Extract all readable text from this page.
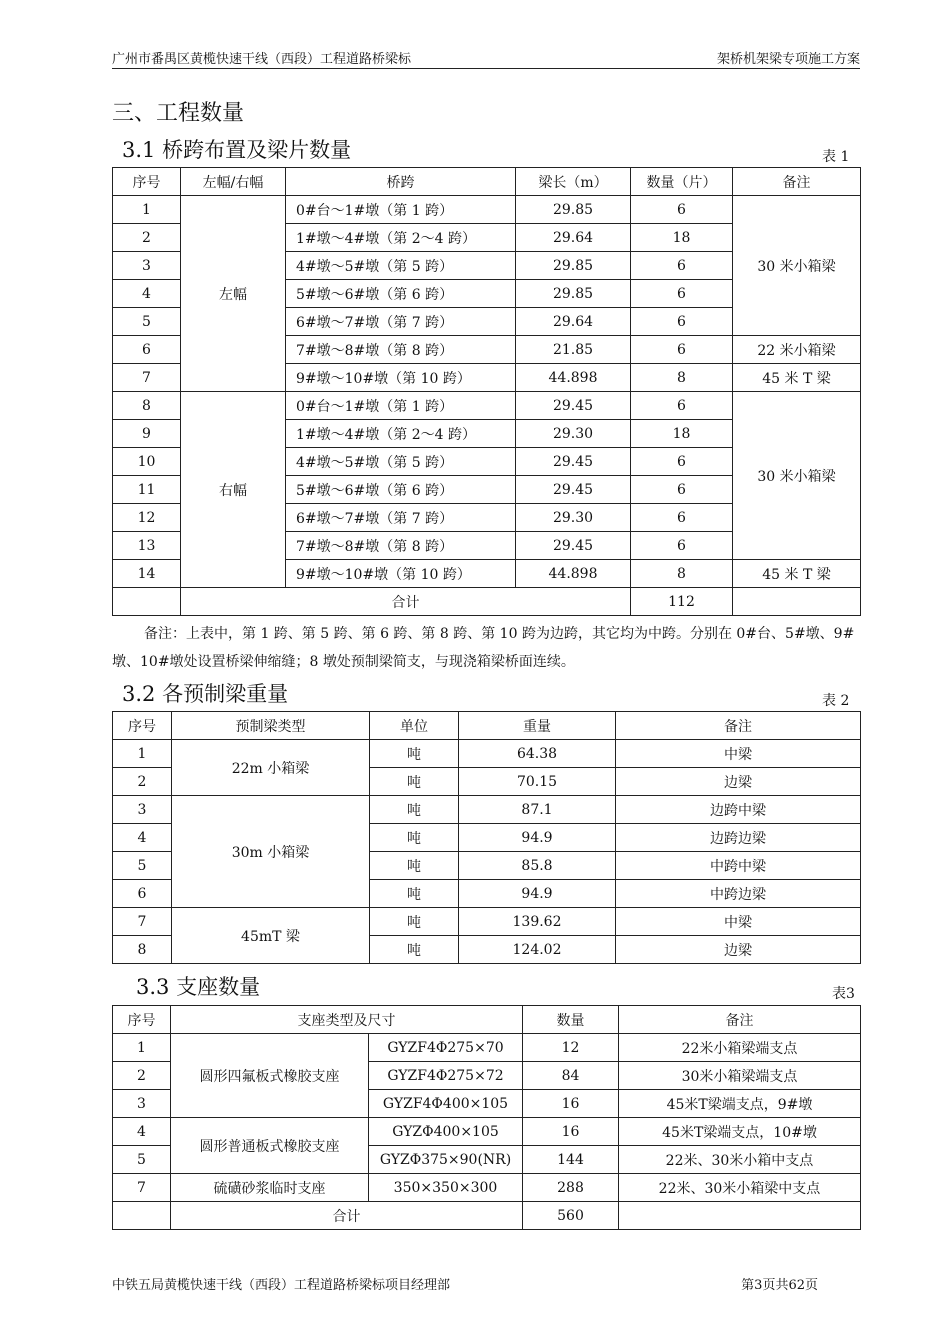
广州市番禺区黄榄快速干线（西段）工程道路桥梁标	架桥机架梁专项施工方案
三、工程数量
3.1 桥跨布置及梁片数量	表 1
序号	左幅/右幅	桥跨	梁长（m）	数量（片）	备注
1	左幅	0#台～1#墩（第 1 跨）	29.85	6	30 米小箱梁
2		1#墩～4#墩（第 2～4 跨）	29.64	18	
3		4#墩～5#墩（第 5 跨）	29.85	6	
4		5#墩～6#墩（第 6 跨）	29.85	6	
5		6#墩～7#墩（第 7 跨）	29.64	6	
6		7#墩～8#墩（第 8 跨）	21.85	6	22 米小箱梁
7		9#墩～10#墩（第 10 跨）	44.898	8	45 米 T 梁
8	右幅	0#台～1#墩（第 1 跨）	29.45	6	30 米小箱梁
9		1#墩～4#墩（第 2～4 跨）	29.30	18	
10		4#墩～5#墩（第 5 跨）	29.45	6	
11		5#墩～6#墩（第 6 跨）	29.45	6	
12		6#墩～7#墩（第 7 跨）	29.30	6	
13		7#墩～8#墩（第 8 跨）	29.45	6	
14		9#墩～10#墩（第 10 跨）	44.898	8	45 米 T 梁
	合计			112	
备注：上表中，第 1 跨、第 5 跨、第 6 跨、第 8 跨、第 10 跨为边跨，其它均为中跨。分别在 0#台、5#墩、9#墩、10#墩处设置桥梁伸缩缝；8 墩处预制梁简支，与现浇箱梁桥面连续。
3.2 各预制梁重量	表 2
序号	预制梁类型	单位	重量	备注
1	22m 小箱梁	吨	64.38	中梁
2		吨	70.15	边梁
3	30m 小箱梁	吨	87.1	边跨中梁
4		吨	94.9	边跨边梁
5		吨	85.8	中跨中梁
6		吨	94.9	中跨边梁
7	45mT 梁	吨	139.62	中梁
8		吨	124.02	边梁
3.3 支座数量	表3
序号	支座类型及尺寸		数量	备注
1	圆形四氟板式橡胶支座	GYZF4Φ275×70	12	22米小箱梁端支点
2		GYZF4Φ275×72	84	30米小箱梁端支点
3		GYZF4Φ400×105	16	45米T梁端支点，9#墩
4	圆形普通板式橡胶支座	GYZΦ400×105	16	45米T梁端支点，10#墩
5		GYZΦ375×90(NR)	144	22米、30米小箱中支点
7	硫磺砂浆临时支座	350×350×300	288	22米、30米小箱梁中支点
	合计		560	
中铁五局黄榄快速干线（西段）工程道路桥梁标项目经理部	第3页共62页
